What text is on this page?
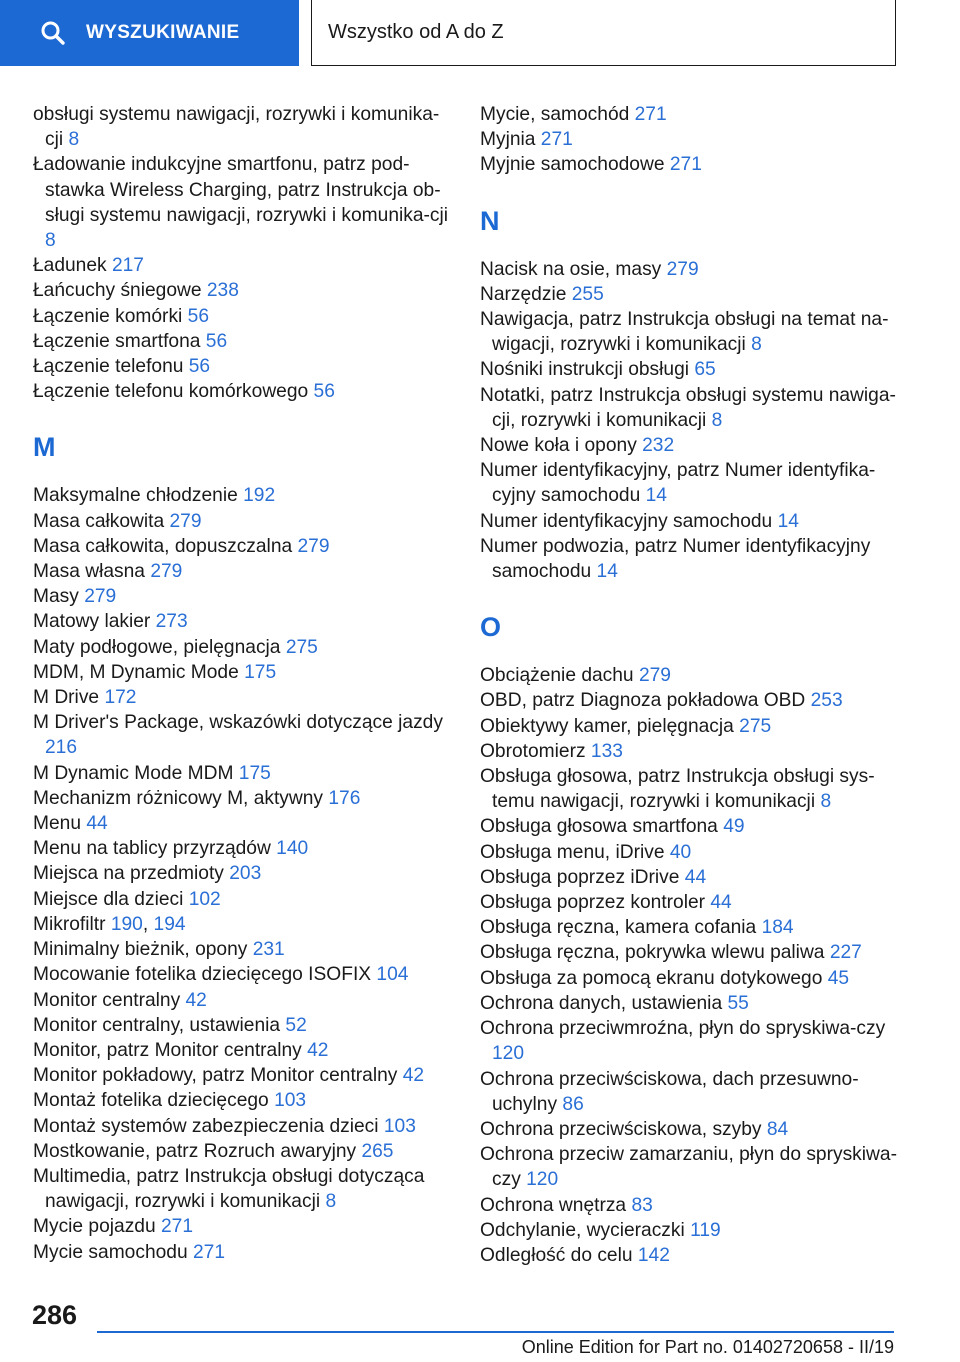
WYSZUKIWANIE	Wszystko od A do Z
obsługi systemu nawigacji, rozrywki i komunika-cji 8
Ładowanie indukcyjne smartfonu, patrz pod-stawka Wireless Charging, patrz Instrukcja ob-sługi systemu nawigacji, rozrywki i komunika-cji 8
Ładunek 217
Łańcuchy śniegowe 238
Łączenie komórki 56
Łączenie smartfona 56
Łączenie telefonu 56
Łączenie telefonu komórkowego 56
M
Maksymalne chłodzenie 192
Masa całkowita 279
Masa całkowita, dopuszczalna 279
Masa własna 279
Masy 279
Matowy lakier 273
Maty podłogowe, pielęgnacja 275
MDM, M Dynamic Mode 175
M Drive 172
M Driver's Package, wskazówki dotyczące jazdy 216
M Dynamic Mode MDM 175
Mechanizm różnicowy M, aktywny 176
Menu 44
Menu na tablicy przyrządów 140
Miejsca na przedmioty 203
Miejsce dla dzieci 102
Mikrofiltr 190, 194
Minimalny bieżnik, opony 231
Mocowanie fotelika dziecięcego ISOFIX 104
Monitor centralny 42
Monitor centralny, ustawienia 52
Monitor, patrz Monitor centralny 42
Monitor pokładowy, patrz Monitor centralny 42
Montaż fotelika dziecięcego 103
Montaż systemów zabezpieczenia dzieci 103
Mostkowanie, patrz Rozruch awaryjny 265
Multimedia, patrz Instrukcja obsługi dotycząca nawigacji, rozrywki i komunikacji 8
Mycie pojazdu 271
Mycie samochodu 271
Mycie, samochód 271
Myjnia 271
Myjnie samochodowe 271
N
Nacisk na osie, masy 279
Narzędzie 255
Nawigacja, patrz Instrukcja obsługi na temat na-wigacji, rozrywki i komunikacji 8
Nośniki instrukcji obsługi 65
Notatki, patrz Instrukcja obsługi systemu nawiga-cji, rozrywki i komunikacji 8
Nowe koła i opony 232
Numer identyfikacyjny, patrz Numer identyfika-cyjny samochodu 14
Numer identyfikacyjny samochodu 14
Numer podwozia, patrz Numer identyfikacyjny samochodu 14
O
Obciążenie dachu 279
OBD, patrz Diagnoza pokładowa OBD 253
Obiektywy kamer, pielęgnacja 275
Obrotomierz 133
Obsługa głosowa, patrz Instrukcja obsługi sys-temu nawigacji, rozrywki i komunikacji 8
Obsługa głosowa smartfona 49
Obsługa menu, iDrive 40
Obsługa poprzez iDrive 44
Obsługa poprzez kontroler 44
Obsługa ręczna, kamera cofania 184
Obsługa ręczna, pokrywka wlewu paliwa 227
Obsługa za pomocą ekranu dotykowego 45
Ochrona danych, ustawienia 55
Ochrona przeciwmroźna, płyn do spryskiwa-czy 120
Ochrona przeciwściskowa, dach przesuwno-uchylny 86
Ochrona przeciwściskowa, szyby 84
Ochrona przeciw zamarzaniu, płyn do spryskiwa-czy 120
Ochrona wnętrza 83
Odchylanie, wycieraczki 119
Odległość do celu 142
286
Online Edition for Part no. 01402720658 - II/19
